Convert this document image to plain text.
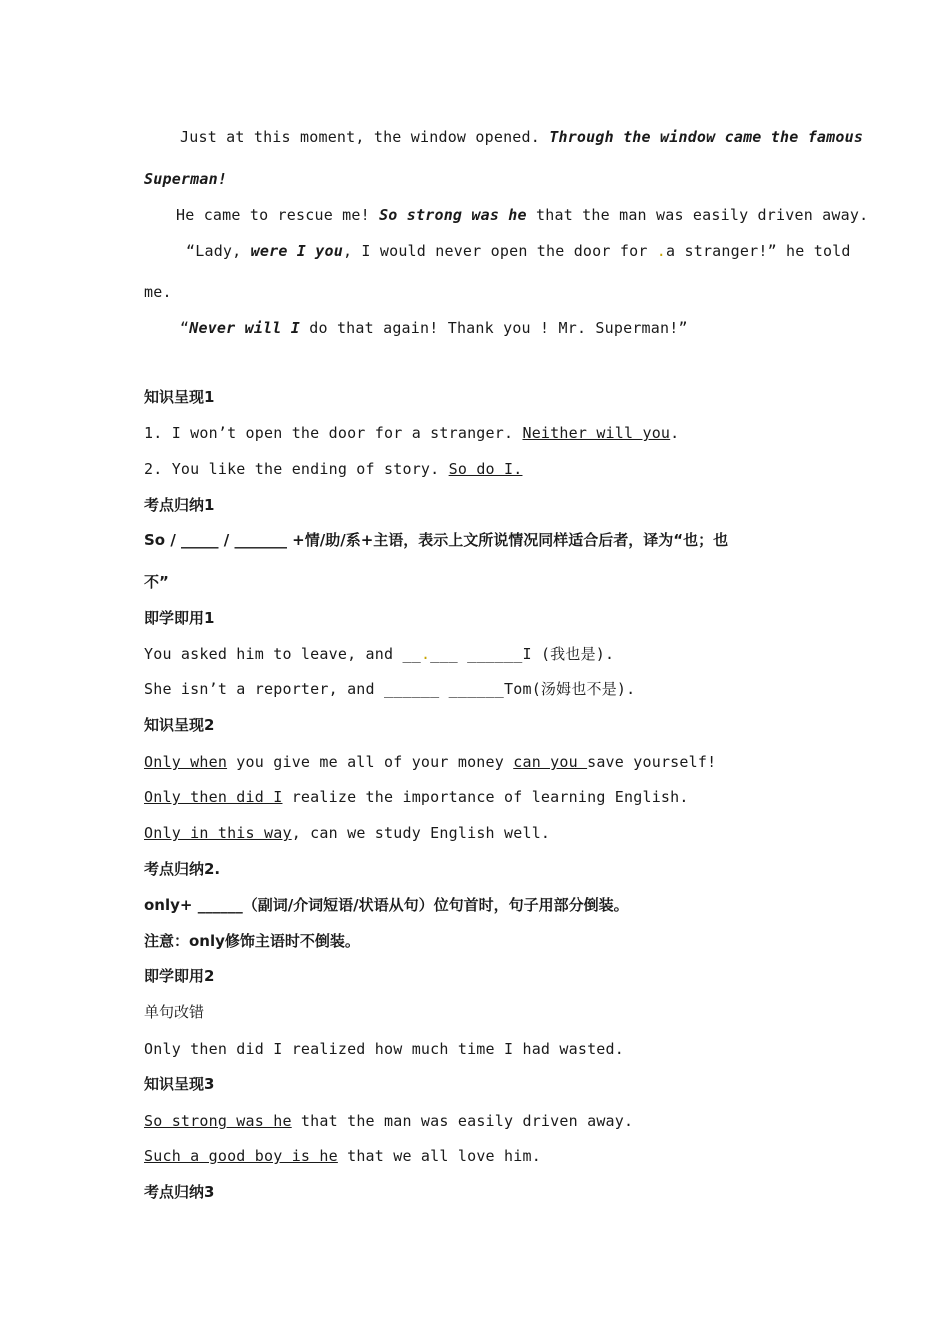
Just at this moment, the window opened. Through the window came the famous
Superman!
He came to rescue me! So strong was he that the man was easily driven away.
“Lady, were I you, I would never open the door for .a stranger!” he told
me.
“Never will I do that again! Thank you ! Mr. Superman!”
知识呈现1
1. I won’t open the door for a stranger. Neither will you.
2. You like the ending of story. So do I.
考点归纳1
So / _____ / _______ +情/助/系+主语，表示上文所说情况同样适合后者，译为“也；也
不”
即学即用1
You asked him to leave, and __.___ ______I (我也是).
She isn’t a reporter, and ______ ______Tom(汤姆也不是).
知识呈现2
Only when you give me all of your money can you save yourself!
Only then did I realize the importance of learning English.
Only in this way, can we study English well.
考点归纳2.
only+ ______（副词/介词短语/状语从句）位句首时，句子用部分倒装。
注意：only修饰主语时不倒装。
即学即用2
单句改错
Only then did I realized how much time I had wasted.
知识呈现3
So strong was he that the man was easily driven away.
Such a good boy is he that we all love him.
考点归纳3
